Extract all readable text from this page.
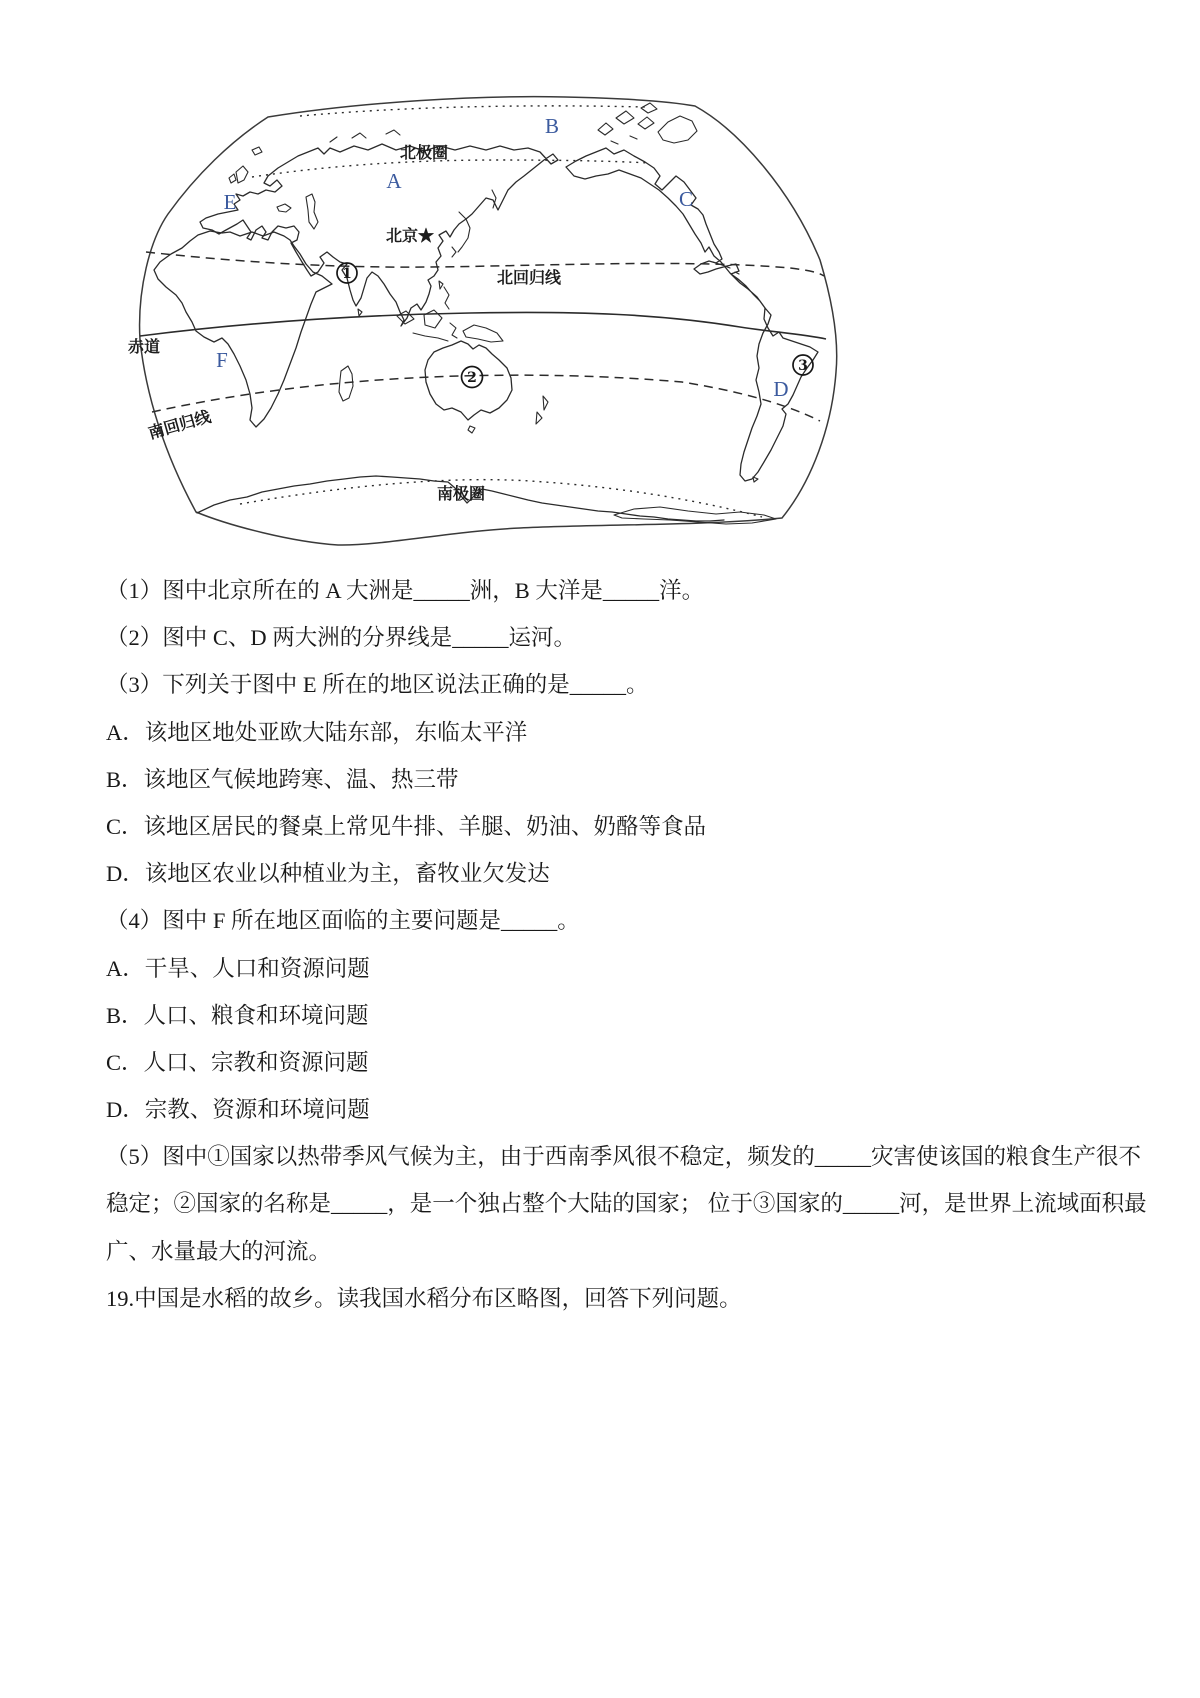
北极圈
北回归线
赤道
南回归线
南极圈
北京★
A
B
C
D
E
F
1
2
3
（1）图中北京所在的 A 大洲是_____洲，B 大洋是_____洋。
（2）图中 C、D 两大洲的分界线是_____运河。
（3）下列关于图中 E 所在的地区说法正确的是_____。
A．该地区地处亚欧大陆东部，东临太平洋
B．该地区气候地跨寒、温、热三带
C．该地区居民的餐桌上常见牛排、羊腿、奶油、奶酪等食品
D．该地区农业以种植业为主，畜牧业欠发达
（4）图中 F 所在地区面临的主要问题是_____。
A．干旱、人口和资源问题
B．人口、粮食和环境问题
C．人口、宗教和资源问题
D．宗教、资源和环境问题
（5）图中①国家以热带季风气候为主，由于西南季风很不稳定，频发的_____灾害使该国的粮食生产很不
稳定；②国家的名称是_____，是一个独占整个大陆的国家； 位于③国家的_____河，是世界上流域面积最
广、水量最大的河流。
19.中国是水稻的故乡。读我国水稻分布区略图，回答下列问题。
